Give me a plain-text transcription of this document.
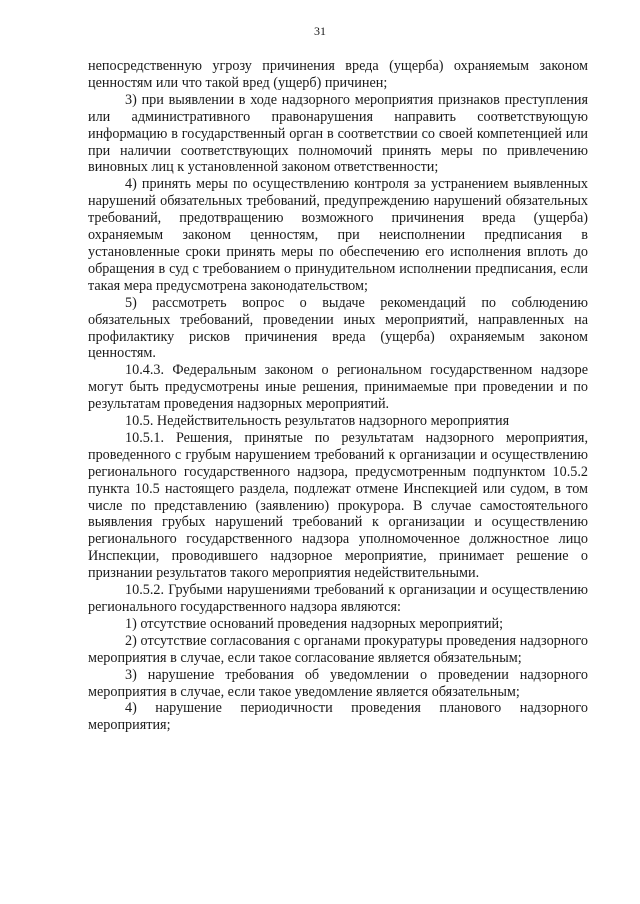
31

непосредственную угрозу причинения вреда (ущерба) охраняемым законом ценностям или что такой вред (ущерб) причинен;

3) при выявлении в ходе надзорного мероприятия признаков преступления или административного правонарушения направить соответствующую информацию в государственный орган в соответствии со своей компетенцией или при наличии соответствующих полномочий принять меры по привлечению виновных лиц к установленной законом ответственности;

4) принять меры по осуществлению контроля за устранением выявленных нарушений обязательных требований, предупреждению нарушений обязательных требований, предотвращению возможного причинения вреда (ущерба) охраняемым законом ценностям, при неисполнении предписания в установленные сроки принять меры по обеспечению его исполнения вплоть до обращения в суд с требованием о принудительном исполнении предписания, если такая мера предусмотрена законодательством;

5) рассмотреть вопрос о выдаче рекомендаций по соблюдению обязательных требований, проведении иных мероприятий, направленных на профилактику рисков причинения вреда (ущерба) охраняемым законом ценностям.

10.4.3. Федеральным законом о региональном государственном надзоре могут быть предусмотрены иные решения, принимаемые при проведении и по результатам проведения надзорных мероприятий.

10.5. Недействительность результатов надзорного мероприятия

10.5.1. Решения, принятые по результатам надзорного мероприятия, проведенного с грубым нарушением требований к организации и осуществлению регионального государственного надзора, предусмотренным подпунктом 10.5.2 пункта 10.5 настоящего раздела, подлежат отмене Инспекцией или судом, в том числе по представлению (заявлению) прокурора. В случае самостоятельного выявления грубых нарушений требований к организации и осуществлению регионального государственного надзора уполномоченное должностное лицо Инспекции, проводившего надзорное мероприятие, принимает решение о признании результатов такого мероприятия недействительными.

10.5.2. Грубыми нарушениями требований к организации и осуществлению регионального государственного надзора являются:

1) отсутствие оснований проведения надзорных мероприятий;

2) отсутствие согласования с органами прокуратуры проведения надзорного мероприятия в случае, если такое согласование является обязательным;

3) нарушение требования об уведомлении о проведении надзорного мероприятия в случае, если такое уведомление является обязательным;

4) нарушение периодичности проведения планового надзорного мероприятия;
